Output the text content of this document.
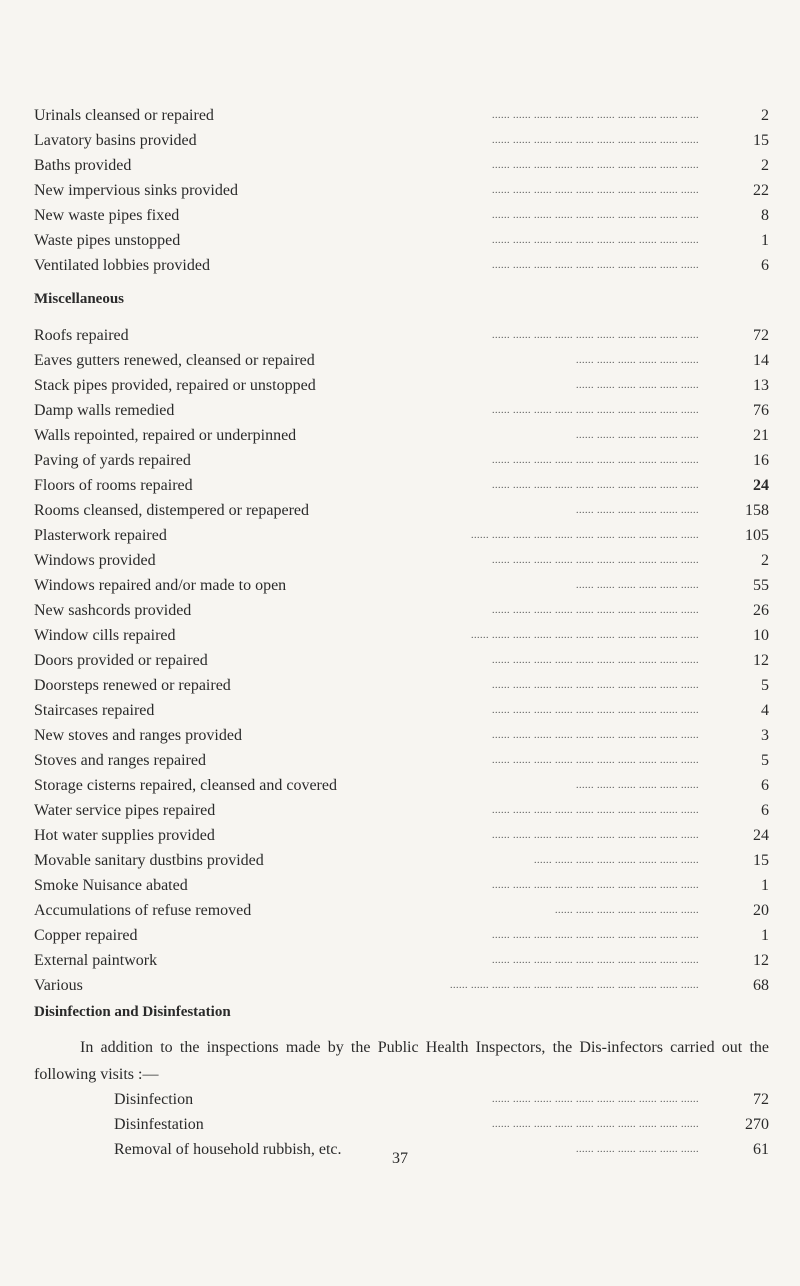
Urinals cleansed or repaired	...... ...... ...... ...... ...... ...... ...... ...... ...... ......	2
Lavatory basins provided	...... ...... ...... ...... ...... ...... ...... ...... ...... ......	15
Baths provided	...... ...... ...... ...... ...... ...... ...... ...... ...... ......	2
New impervious sinks provided	...... ...... ...... ...... ...... ...... ...... ...... ...... ......	22
New waste pipes fixed	...... ...... ...... ...... ...... ...... ...... ...... ...... ......	8
Waste pipes unstopped	...... ...... ...... ...... ...... ...... ...... ...... ...... ......	1
Ventilated lobbies provided	...... ...... ...... ...... ...... ...... ...... ...... ...... ......	6
Miscellaneous
Roofs repaired	...... ...... ...... ...... ...... ...... ...... ...... ...... ......	72
Eaves gutters renewed, cleansed or repaired	...... ...... ...... ...... ...... ......	14
Stack pipes provided, repaired or unstopped	...... ...... ...... ...... ...... ......	13
Damp walls remedied	...... ...... ...... ...... ...... ...... ...... ...... ...... ......	76
Walls repointed, repaired or underpinned	...... ...... ...... ...... ...... ......	21
Paving of yards repaired	...... ...... ...... ...... ...... ...... ...... ...... ...... ......	16
Floors of rooms repaired	...... ...... ...... ...... ...... ...... ...... ...... ...... ......	24
Rooms cleansed, distempered or repapered	...... ...... ...... ...... ...... ......	158
Plasterwork repaired	...... ...... ...... ...... ...... ...... ...... ...... ...... ...... ......	105
Windows provided	...... ...... ...... ...... ...... ...... ...... ...... ...... ......	2
Windows repaired and/or made to open	...... ...... ...... ...... ...... ......	55
New sashcords provided	...... ...... ...... ...... ...... ...... ...... ...... ...... ......	26
Window cills repaired	...... ...... ...... ...... ...... ...... ...... ...... ...... ...... ......	10
Doors provided or repaired	...... ...... ...... ...... ...... ...... ...... ...... ...... ......	12
Doorsteps renewed or repaired	...... ...... ...... ...... ...... ...... ...... ...... ...... ......	5
Staircases repaired	...... ...... ...... ...... ...... ...... ...... ...... ...... ......	4
New stoves and ranges provided	...... ...... ...... ...... ...... ...... ...... ...... ...... ......	3
Stoves and ranges repaired	...... ...... ...... ...... ...... ...... ...... ...... ...... ......	5
Storage cisterns repaired, cleansed and covered	...... ...... ...... ...... ...... ......	6
Water service pipes repaired	...... ...... ...... ...... ...... ...... ...... ...... ...... ......	6
Hot water supplies provided	...... ...... ...... ...... ...... ...... ...... ...... ...... ......	24
Movable sanitary dustbins provided	...... ...... ...... ...... ...... ...... ...... ......	15
Smoke Nuisance abated	...... ...... ...... ...... ...... ...... ...... ...... ...... ......	1
Accumulations of refuse removed	...... ...... ...... ...... ...... ...... ......	20
Copper repaired	...... ...... ...... ...... ...... ...... ...... ...... ...... ......	1
External paintwork	...... ...... ...... ...... ...... ...... ...... ...... ...... ......	12
Various	...... ...... ...... ...... ...... ...... ...... ...... ...... ...... ...... ......	68
Disinfection and Disinfestation
In addition to the inspections made by the Public Health Inspectors, the Dis-infectors carried out the following visits :—
Disinfection	...... ...... ...... ...... ...... ...... ...... ...... ...... ......	72
Disinfestation	...... ...... ...... ...... ...... ...... ...... ...... ...... ......	270
Removal of household rubbish, etc.	...... ...... ...... ...... ...... ......	61
37
